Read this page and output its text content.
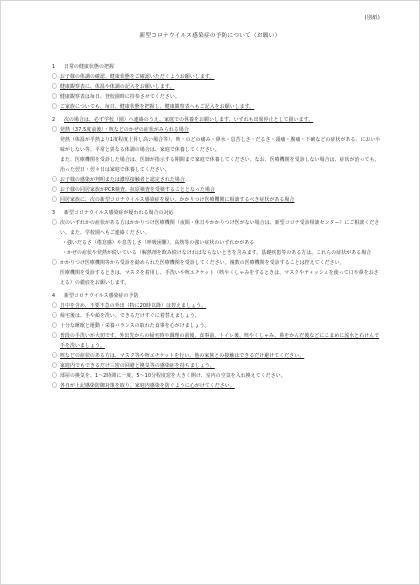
(別紙)
新型コロナウイルス感染症の予防について（お願い）
1 日常の健康状態の把握
〇 お子様の体調の確認、健康状態をご確認いただくようお願いします。
〇 健康観察表に、体温や体調の記入をお願いします。
〇 健康観察表は毎日、登校園時に持参させてください。
〇 ご家族についても、毎日、健康状態を把握し、健康観察表へもご記入をお願いします。
2 次の場合は、必ず学校（園）へ連絡のうえ、家庭での休養をお願いします。いずれも出席停止として扱います。
〇 発熱（37.5度前後）・咳などのかぜの症状がみられる場合
発熱（体温が平熱より1度程度上昇し高い場合等）、咳・のどの痛み・鼻水・息苦しさ・だるさ・頭痛・腹痛・下痢などの症状がある、においや味がしない等、平常と異なる体調の場合は、家庭で休養してください。
また、医療機関を受診した場合は、医師が指示する期間まで家庭で休養してください。なお、医療機関を受診しない場合は、症状が治っても、治った翌日・翌々日は家庭で休養してください。
〇 お子様の感染が判明または濃厚接触者と認定された場合
〇 お子様の同居家族がPCR検査、抗原検査を受検することとなった場合
〇 同居家族に、次の新型コロナウイルス感染症を疑い、かかりつけ医療機関に相談するべき症状がある場合
3 新型コロナウイルス感染症が疑われる場合の対応
〇 次のいずれかの症状がある方はかかりつけ医療機関（夜間・休日やかかりつけ医がない場合は、新型コロナ受診相談センター）にご相談ください。また、学校園へもご連絡ください。
・強いだるさ（倦怠感）や息苦しさ（呼吸困難）、高熱等の強い症状のいずれかがある
・かぜの症状や発熱が続いている（解熱剤を飲み続けなければならないときを含みます。基礎疾患等のある方は、これらの症状がある場合
〇 かかりつけ医療機関等から受診を勧められた医療機関を受診してください。複数の医療機関を受診することは控えてください。
医療機関を受診するときは、マスクを着用し、手洗いや咳エチケット（咳やくしゃみをするときは、マスクやティッシュを使って口や鼻をおさえる）の徹底をお願いします。
4 新型コロナウイルス感染症の予防
〇 日中を含め、不要不急の外出（特に20時以降）は控えましょう。
〇 帰宅後は、手や顔を洗い、できるだけすぐに着替えましょう。
〇 十分な睡眠と運動・栄養バランスの取れた食事を心がけましょう。
〇 普段の手洗いが大切です。外出先からの帰宅時や調理の前後、食事前、トイレ後、咳やくしゃみ、鼻をかんだ後などにこまめに流水と石けんで手を洗いましょう。
〇 咳などの症状のある方は、マスク等や咳エチケットを行い、他の家族との接触はできるだけ避けてください。
〇 家庭内でもできるだけ三密の回避と換気等の感染症を持ちましょう。
〇 部屋の換気を、1～2時間に一度、5～10分程度窓を大きく開け、室内の空気を入れ換えてください。
〇 各自が上記感染防御対策を取り、家庭内感染を防ぐように心がけてください。
